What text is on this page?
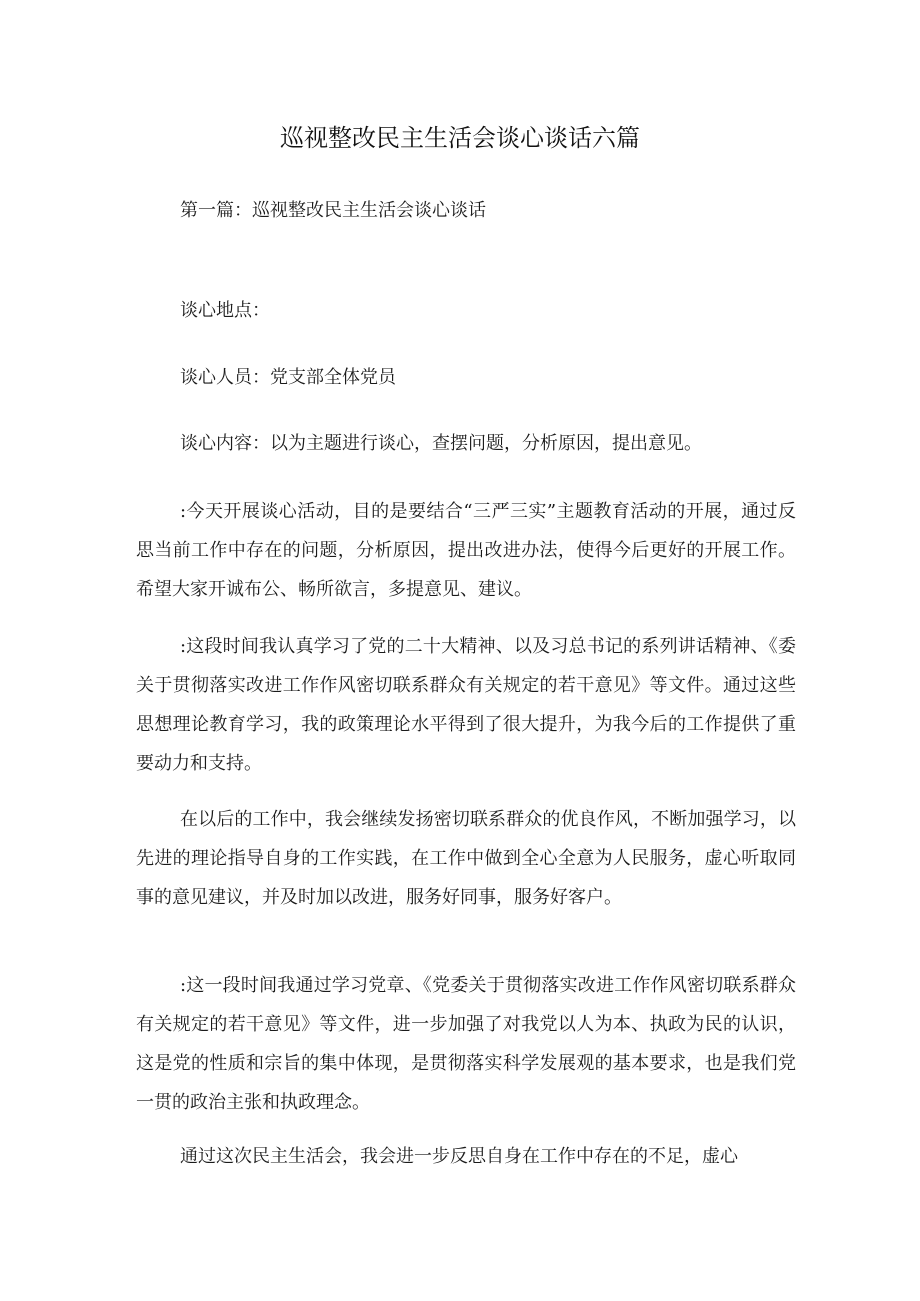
巡视整改民主生活会谈心谈话六篇
第一篇：巡视整改民主生活会谈心谈话
谈心地点：
谈心人员：党支部全体党员
谈心内容：以为主题进行谈心，查摆问题，分析原因，提出意见。
:今天开展谈心活动，目的是要结合“三严三实”主题教育活动的开展，通过反思当前工作中存在的问题，分析原因，提出改进办法，使得今后更好的开展工作。希望大家开诚布公、畅所欲言，多提意见、建议。
:这段时间我认真学习了党的二十大精神、以及习总书记的系列讲话精神、《委关于贯彻落实改进工作作风密切联系群众有关规定的若干意见》等文件。通过这些思想理论教育学习，我的政策理论水平得到了很大提升，为我今后的工作提供了重要动力和支持。
在以后的工作中，我会继续发扬密切联系群众的优良作风，不断加强学习，以先进的理论指导自身的工作实践，在工作中做到全心全意为人民服务，虚心听取同事的意见建议，并及时加以改进，服务好同事，服务好客户。
:这一段时间我通过学习党章、《党委关于贯彻落实改进工作作风密切联系群众有关规定的若干意见》等文件，进一步加强了对我党以人为本、执政为民的认识，这是党的性质和宗旨的集中体现，是贯彻落实科学发展观的基本要求，也是我们党一贯的政治主张和执政理念。
通过这次民主生活会，我会进一步反思自身在工作中存在的不足，虚心
